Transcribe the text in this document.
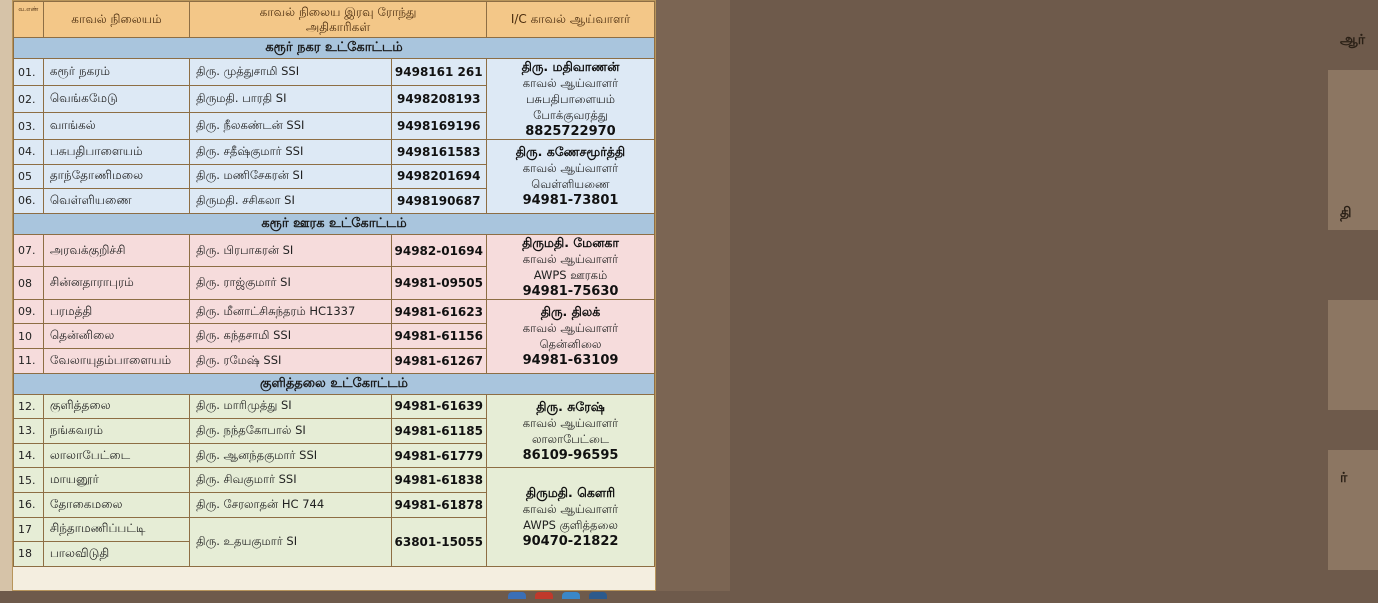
ஆர்
தி
ர்
வ.எண்	காவல் நிலையம்	காவல் நிலைய இரவு ரோந்து
அதிகாரிகள்		I/C காவல் ஆய்வாளர்
கரூர் நகர உட்கோட்டம்				
01.	கரூர் நகரம்	திரு. முத்துசாமி SSI	9498161 261	திரு. மதிவாணன்
காவல் ஆய்வாளர்
பசுபதிபாளையம்
போக்குவரத்து
8825722970

02.	வெங்கமேடு	திருமதி. பாரதி SI	9498208193	
03.	வாங்கல்	திரு. நீலகண்டன் SSI	9498169196	
04.	பசுபதிபாளையம்	திரு. சதீஷ்குமார் SSI	9498161583	திரு. கணேசமூர்த்தி
காவல் ஆய்வாளர்
வெள்ளியணை
94981-73801

05	தாந்தோணிமலை	திரு. மணிசேகரன் SI	9498201694	
06.	வெள்ளியணை	திருமதி. சசிகலா SI	9498190687	
கரூர் ஊரக உட்கோட்டம்				
07.	அரவக்குறிச்சி	திரு. பிரபாகரன் SI	94982-01694	திருமதி. மேனகா
காவல் ஆய்வாளர்
AWPS ஊரகம்
94981-75630

08	சின்னதாராபுரம்	திரு. ராஜ்குமார் SI	94981-09505	
09.	பரமத்தி	திரு. மீனாட்சிசுந்தரம் HC1337	94981-61623	திரு. திலக்
காவல் ஆய்வாளர்
தென்னிலை
94981-63109

10	தென்னிலை	திரு. கந்தசாமி SSI	94981-61156	
11.	வேலாயுதம்பாளையம்	திரு. ரமேஷ் SSI	94981-61267	
குளித்தலை உட்கோட்டம்				
12.	குளித்தலை	திரு. மாரிமுத்து SI	94981-61639	திரு. சுரேஷ்
காவல் ஆய்வாளர்
லாலாபேட்டை
86109-96595

13.	நங்கவரம்	திரு. நந்தகோபால் SI	94981-61185	
14.	லாலாபேட்டை	திரு. ஆனந்தகுமார் SSI	94981-61779	
15.	மாயனூர்	திரு. சிவகுமார் SSI	94981-61838	திருமதி. கௌரி
காவல் ஆய்வாளர்
AWPS குளித்தலை
90470-21822

16.	தோகைமலை	திரு. சேரலாதன் HC 744	94981-61878	
17	சிந்தாமணிப்பட்டி	திரு. உதயகுமார் SI	63801-15055	
18	பாலவிடுதி			
